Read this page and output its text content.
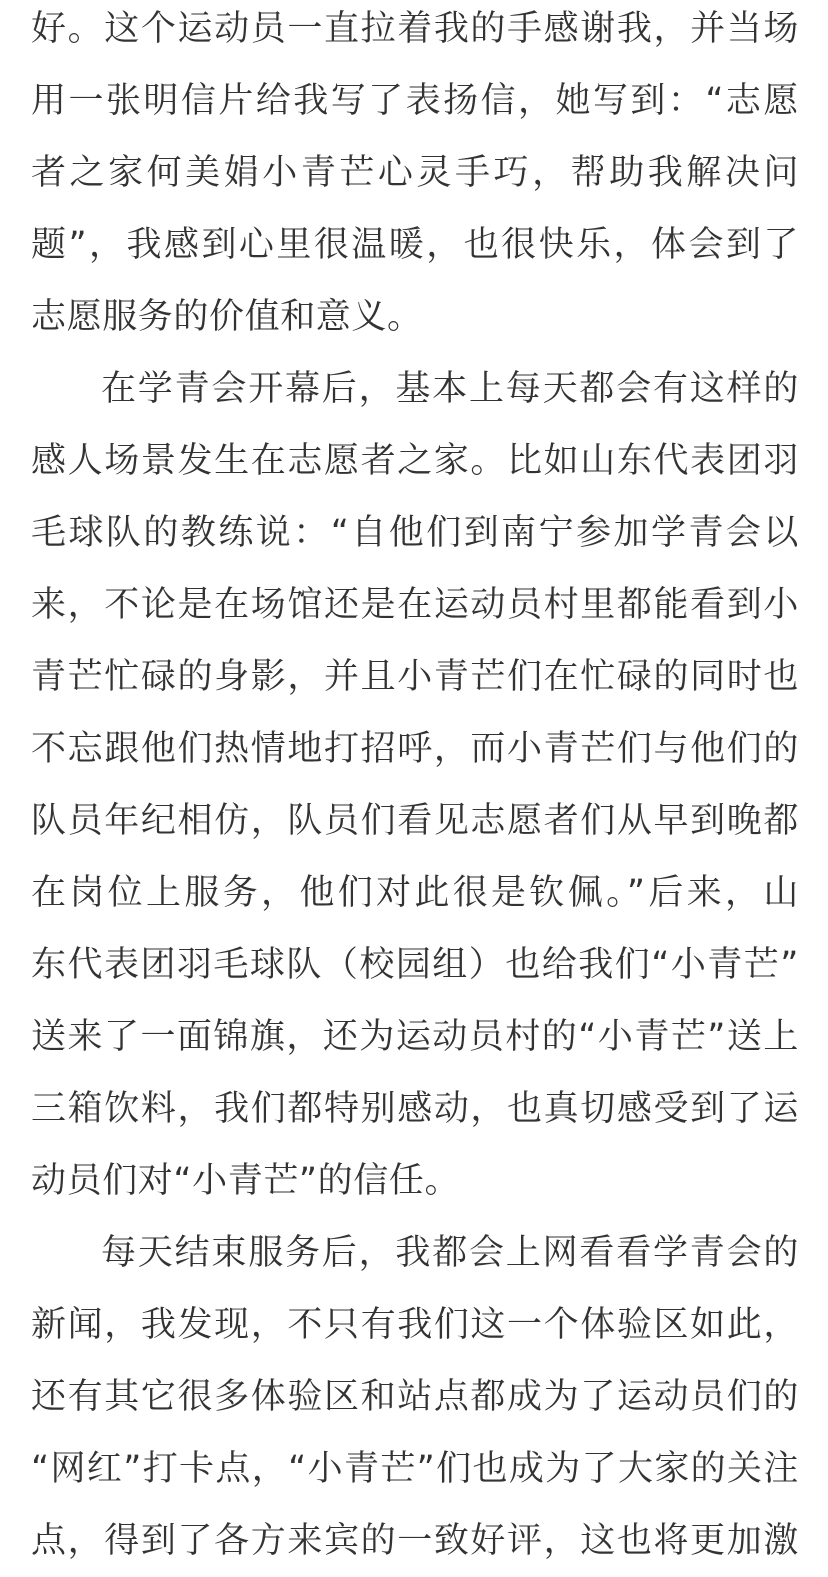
好。这个运动员一直拉着我的手感谢我，并当场
用一张明信片给我写了表扬信，她写到：“志愿
者之家何美娟小青芒心灵手巧，帮助我解决问
题”，我感到心里很温暖，也很快乐，体会到了
志愿服务的价值和意义。
在学青会开幕后，基本上每天都会有这样的
感人场景发生在志愿者之家。比如山东代表团羽
毛球队的教练说：“自他们到南宁参加学青会以
来，不论是在场馆还是在运动员村里都能看到小
青芒忙碌的身影，并且小青芒们在忙碌的同时也
不忘跟他们热情地打招呼，而小青芒们与他们的
队员年纪相仿，队员们看见志愿者们从早到晚都
在岗位上服务，他们对此很是钦佩。”后来，山
东代表团羽毛球队（校园组）也给我们“小青芒”
送来了一面锦旗，还为运动员村的“小青芒”送上
三箱饮料，我们都特别感动，也真切感受到了运
动员们对“小青芒”的信任。
每天结束服务后，我都会上网看看学青会的
新闻，我发现，不只有我们这一个体验区如此，
还有其它很多体验区和站点都成为了运动员们的
“网红”打卡点，“小青芒”们也成为了大家的关注
点，得到了各方来宾的一致好评，这也将更加激
